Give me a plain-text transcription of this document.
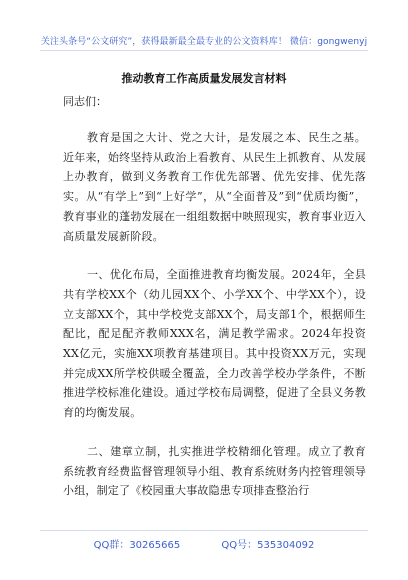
关注头条号“公文研究”，获得最新最全最专业的公文资料库！ 微信：gongwenyj
推动教育工作高质量发展发言材料

同志们：

教育是国之大计、党之大计，是发展之本、民生之基。近年来，始终坚持从政治上看教育、从民生上抓教育、从发展上办教育，做到义务教育工作优先部署、优先安排、优先落实。从“有学上”到“上好学”，从“全面普及”到“优质均衡”，教育事业的蓬勃发展在一组组数据中映照现实，教育事业迈入高质量发展新阶段。

一、优化布局，全面推进教育均衡发展。2024年，全县共有学校XX个（幼儿园XX个、小学XX个、中学XX个），设立支部XX个，其中学校党支部XX个，局支部1个，根据师生配比，配足配齐教师XXX名，满足教学需求。2024年投资XX亿元，实施XX项教育基建项目。其中投资XX万元，实现并完成XX所学校供暖全覆盖，全力改善学校办学条件，不断推进学校标准化建设。通过学校布局调整，促进了全县义务教育的均衡发展。

二、建章立制，扎实推进学校精细化管理。成立了教育系统教育经费监督管理领导小组、教育系统财务内控管理领导小组，制定了《校园重大事故隐患专项排查整治行

QQ群：30265665	QQ号：535304092
